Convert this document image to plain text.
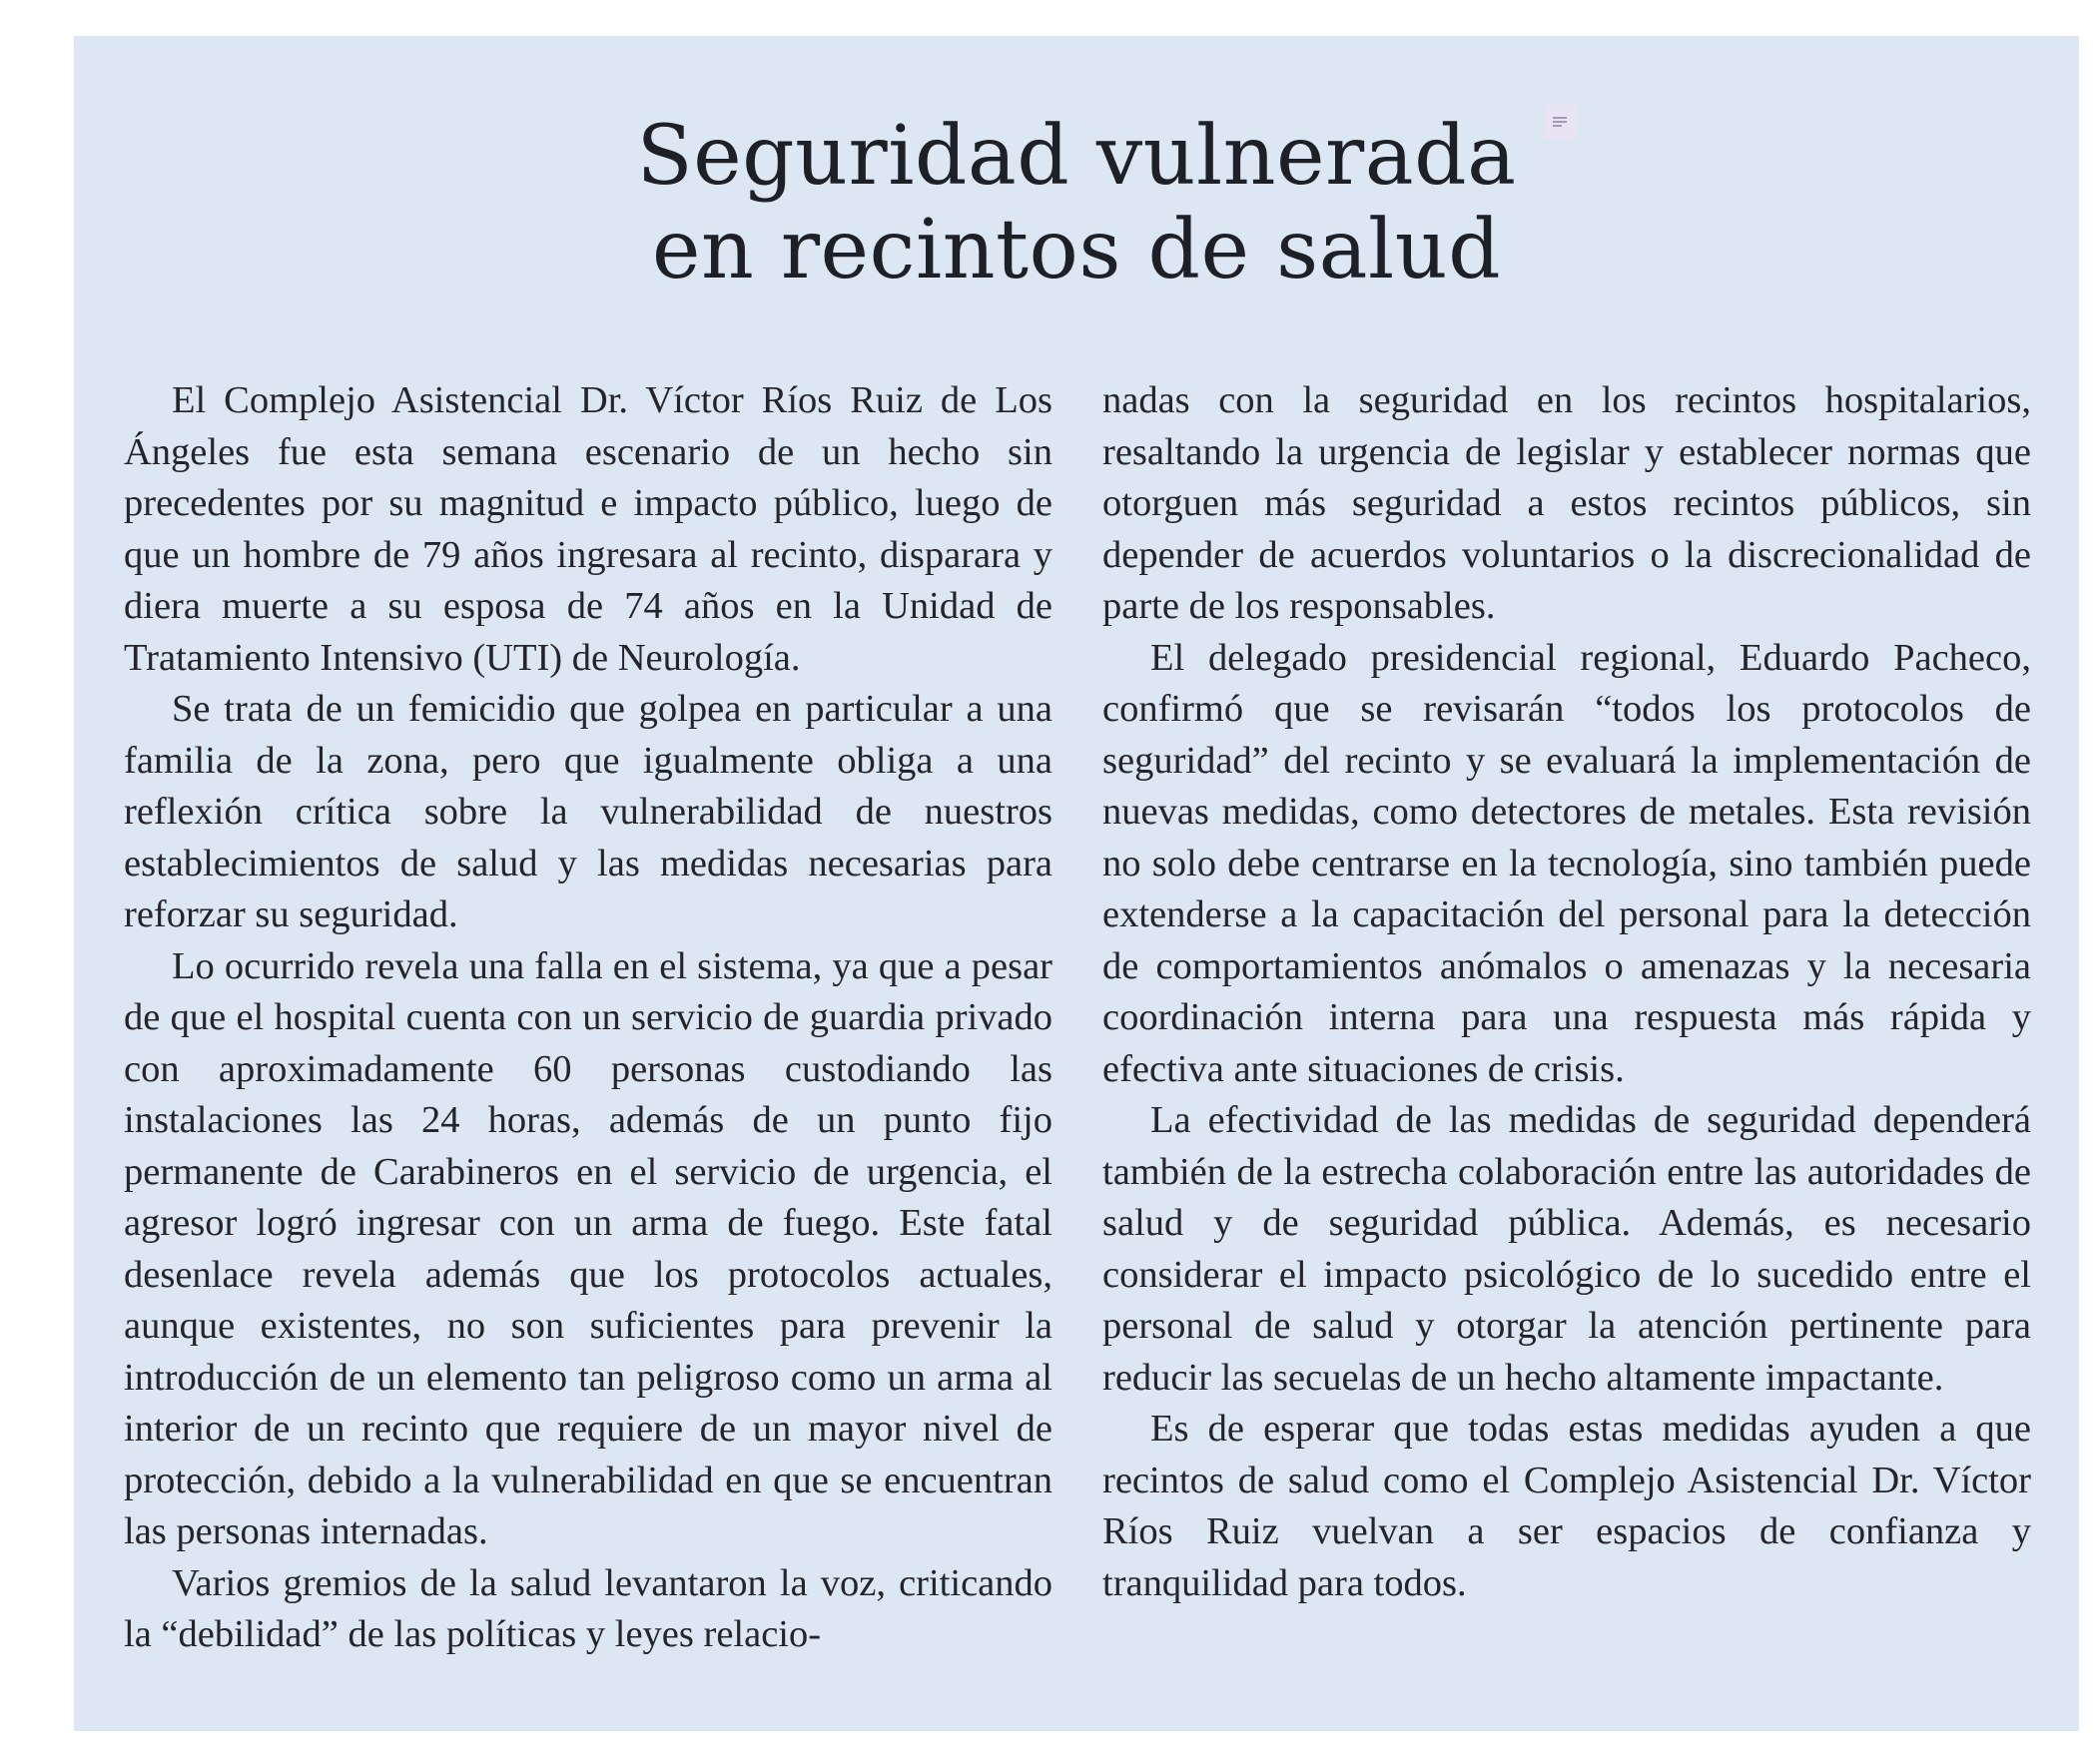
Seguridad vulnerada
en recintos de salud

El Complejo Asistencial Dr. Víctor Ríos Ruiz de Los Ángeles fue esta semana escenario de un hecho sin precedentes por su magnitud e impacto público, luego de que un hombre de 79 años ingresara al recinto, disparara y diera muerte a su esposa de 74 años en la Unidad de Tratamiento Intensivo (UTI) de Neurología.

Se trata de un femicidio que golpea en particular a una familia de la zona, pero que igualmente obliga a una reflexión crítica sobre la vulnerabilidad de nuestros establecimientos de salud y las medidas necesarias para reforzar su seguridad.

Lo ocurrido revela una falla en el sistema, ya que a pesar de que el hospital cuenta con un servicio de guardia privado con aproximadamente 60 personas custodiando las instalaciones las 24 horas, además de un punto fijo permanente de Carabineros en el servicio de urgencia, el agresor logró ingresar con un arma de fuego. Este fatal desenlace revela además que los protocolos actuales, aunque existentes, no son suficientes para prevenir la introducción de un elemento tan peligroso como un arma al interior de un recinto que requiere de un mayor nivel de protección, debido a la vulnerabilidad en que se encuentran las personas internadas.

Varios gremios de la salud levantaron la voz, criticando la “debilidad” de las políticas y leyes relacio-

nadas con la seguridad en los recintos hospitalarios, resaltando la urgencia de legislar y establecer normas que otorguen más seguridad a estos recintos públicos, sin depender de acuerdos voluntarios o la discrecionalidad de parte de los responsables.

El delegado presidencial regional, Eduardo Pacheco, confirmó que se revisarán “todos los protocolos de seguridad” del recinto y se evaluará la implementación de nuevas medidas, como detectores de metales. Esta revisión no solo debe centrarse en la tecnología, sino también puede extenderse a la capacitación del personal para la detección de comportamientos anómalos o amenazas y la necesaria coordinación interna para una respuesta más rápida y efectiva ante situaciones de crisis.

La efectividad de las medidas de seguridad dependerá también de la estrecha colaboración entre las autoridades de salud y de seguridad pública. Además, es necesario considerar el impacto psicológico de lo sucedido entre el personal de salud y otorgar la atención pertinente para reducir las secuelas de un hecho altamente impactante.

Es de esperar que todas estas medidas ayuden a que recintos de salud como el Complejo Asistencial Dr. Víctor Ríos Ruiz vuelvan a ser espacios de confianza y tranquilidad para todos.
